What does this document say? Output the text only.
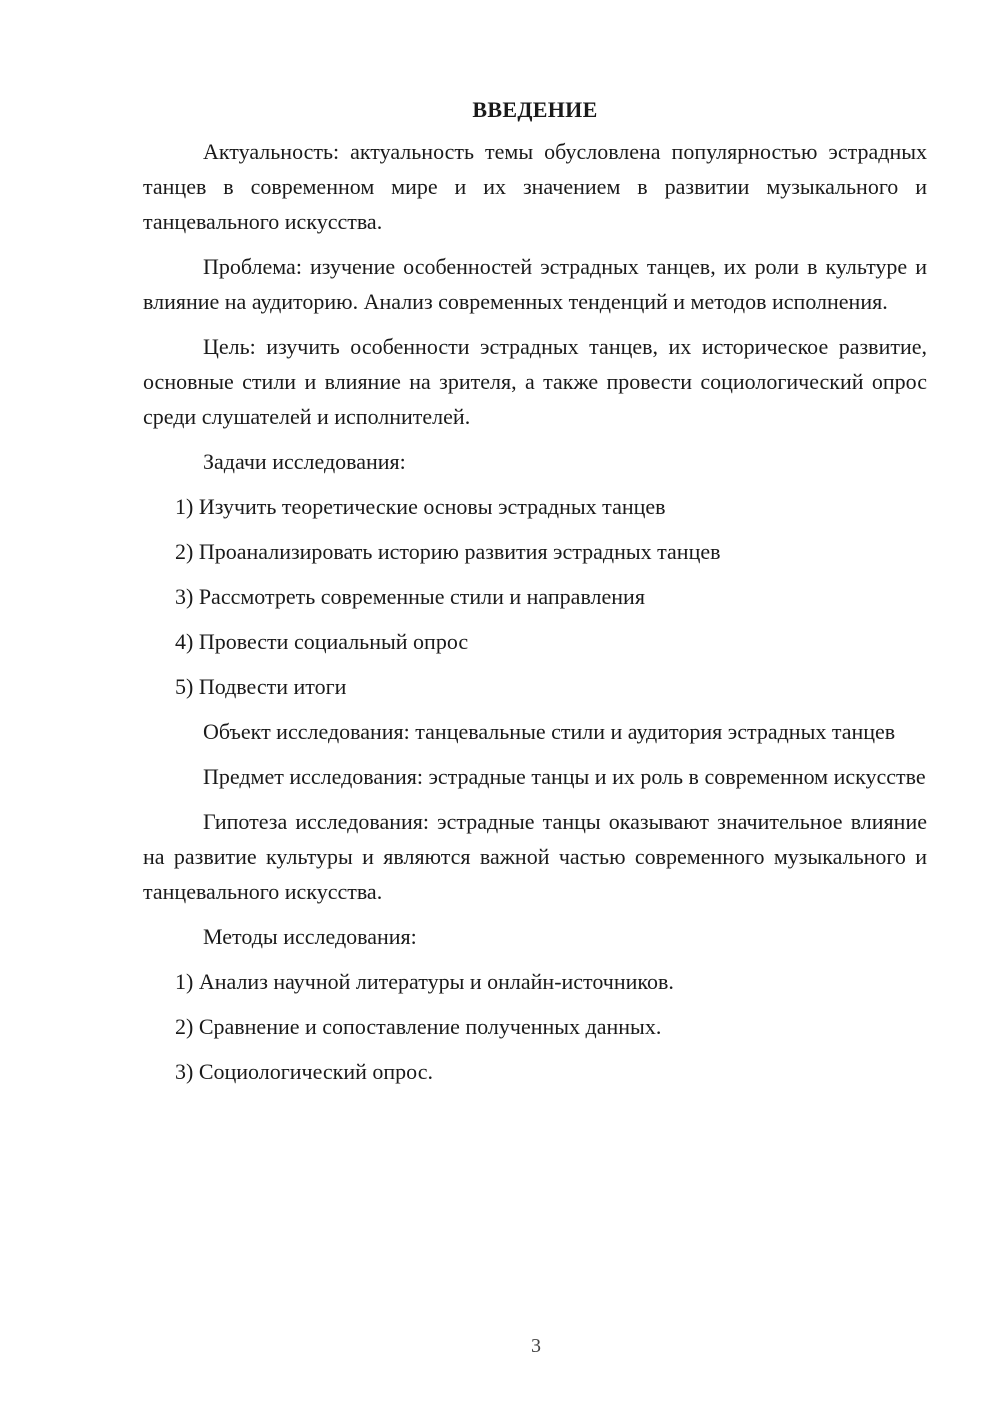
ВВЕДЕНИЕ

Актуальность: актуальность темы обусловлена популярностью эстрадных танцев в современном мире и их значением в развитии музыкального и танцевального искусства.

Проблема: изучение особенностей эстрадных танцев, их роли в культуре и влияние на аудиторию. Анализ современных тенденций и методов исполнения.

Цель: изучить особенности эстрадных танцев, их историческое развитие, основные стили и влияние на зрителя, а также провести социологический опрос среди слушателей и исполнителей.

Задачи исследования:

1) Изучить теоретические основы эстрадных танцев
2) Проанализировать историю развития эстрадных танцев
3) Рассмотреть современные стили и направления
4) Провести социальный опрос
5) Подвести итоги

Объект исследования: танцевальные стили и аудитория эстрадных танцев

Предмет исследования: эстрадные танцы и их роль в современном искусстве

Гипотеза исследования: эстрадные танцы оказывают значительное влияние на развитие культуры и являются важной частью современного музыкального и танцевального искусства.

Методы исследования:

1) Анализ научной литературы и онлайн-источников.
2) Сравнение и сопоставление полученных данных.
3) Социологический опрос.
3
